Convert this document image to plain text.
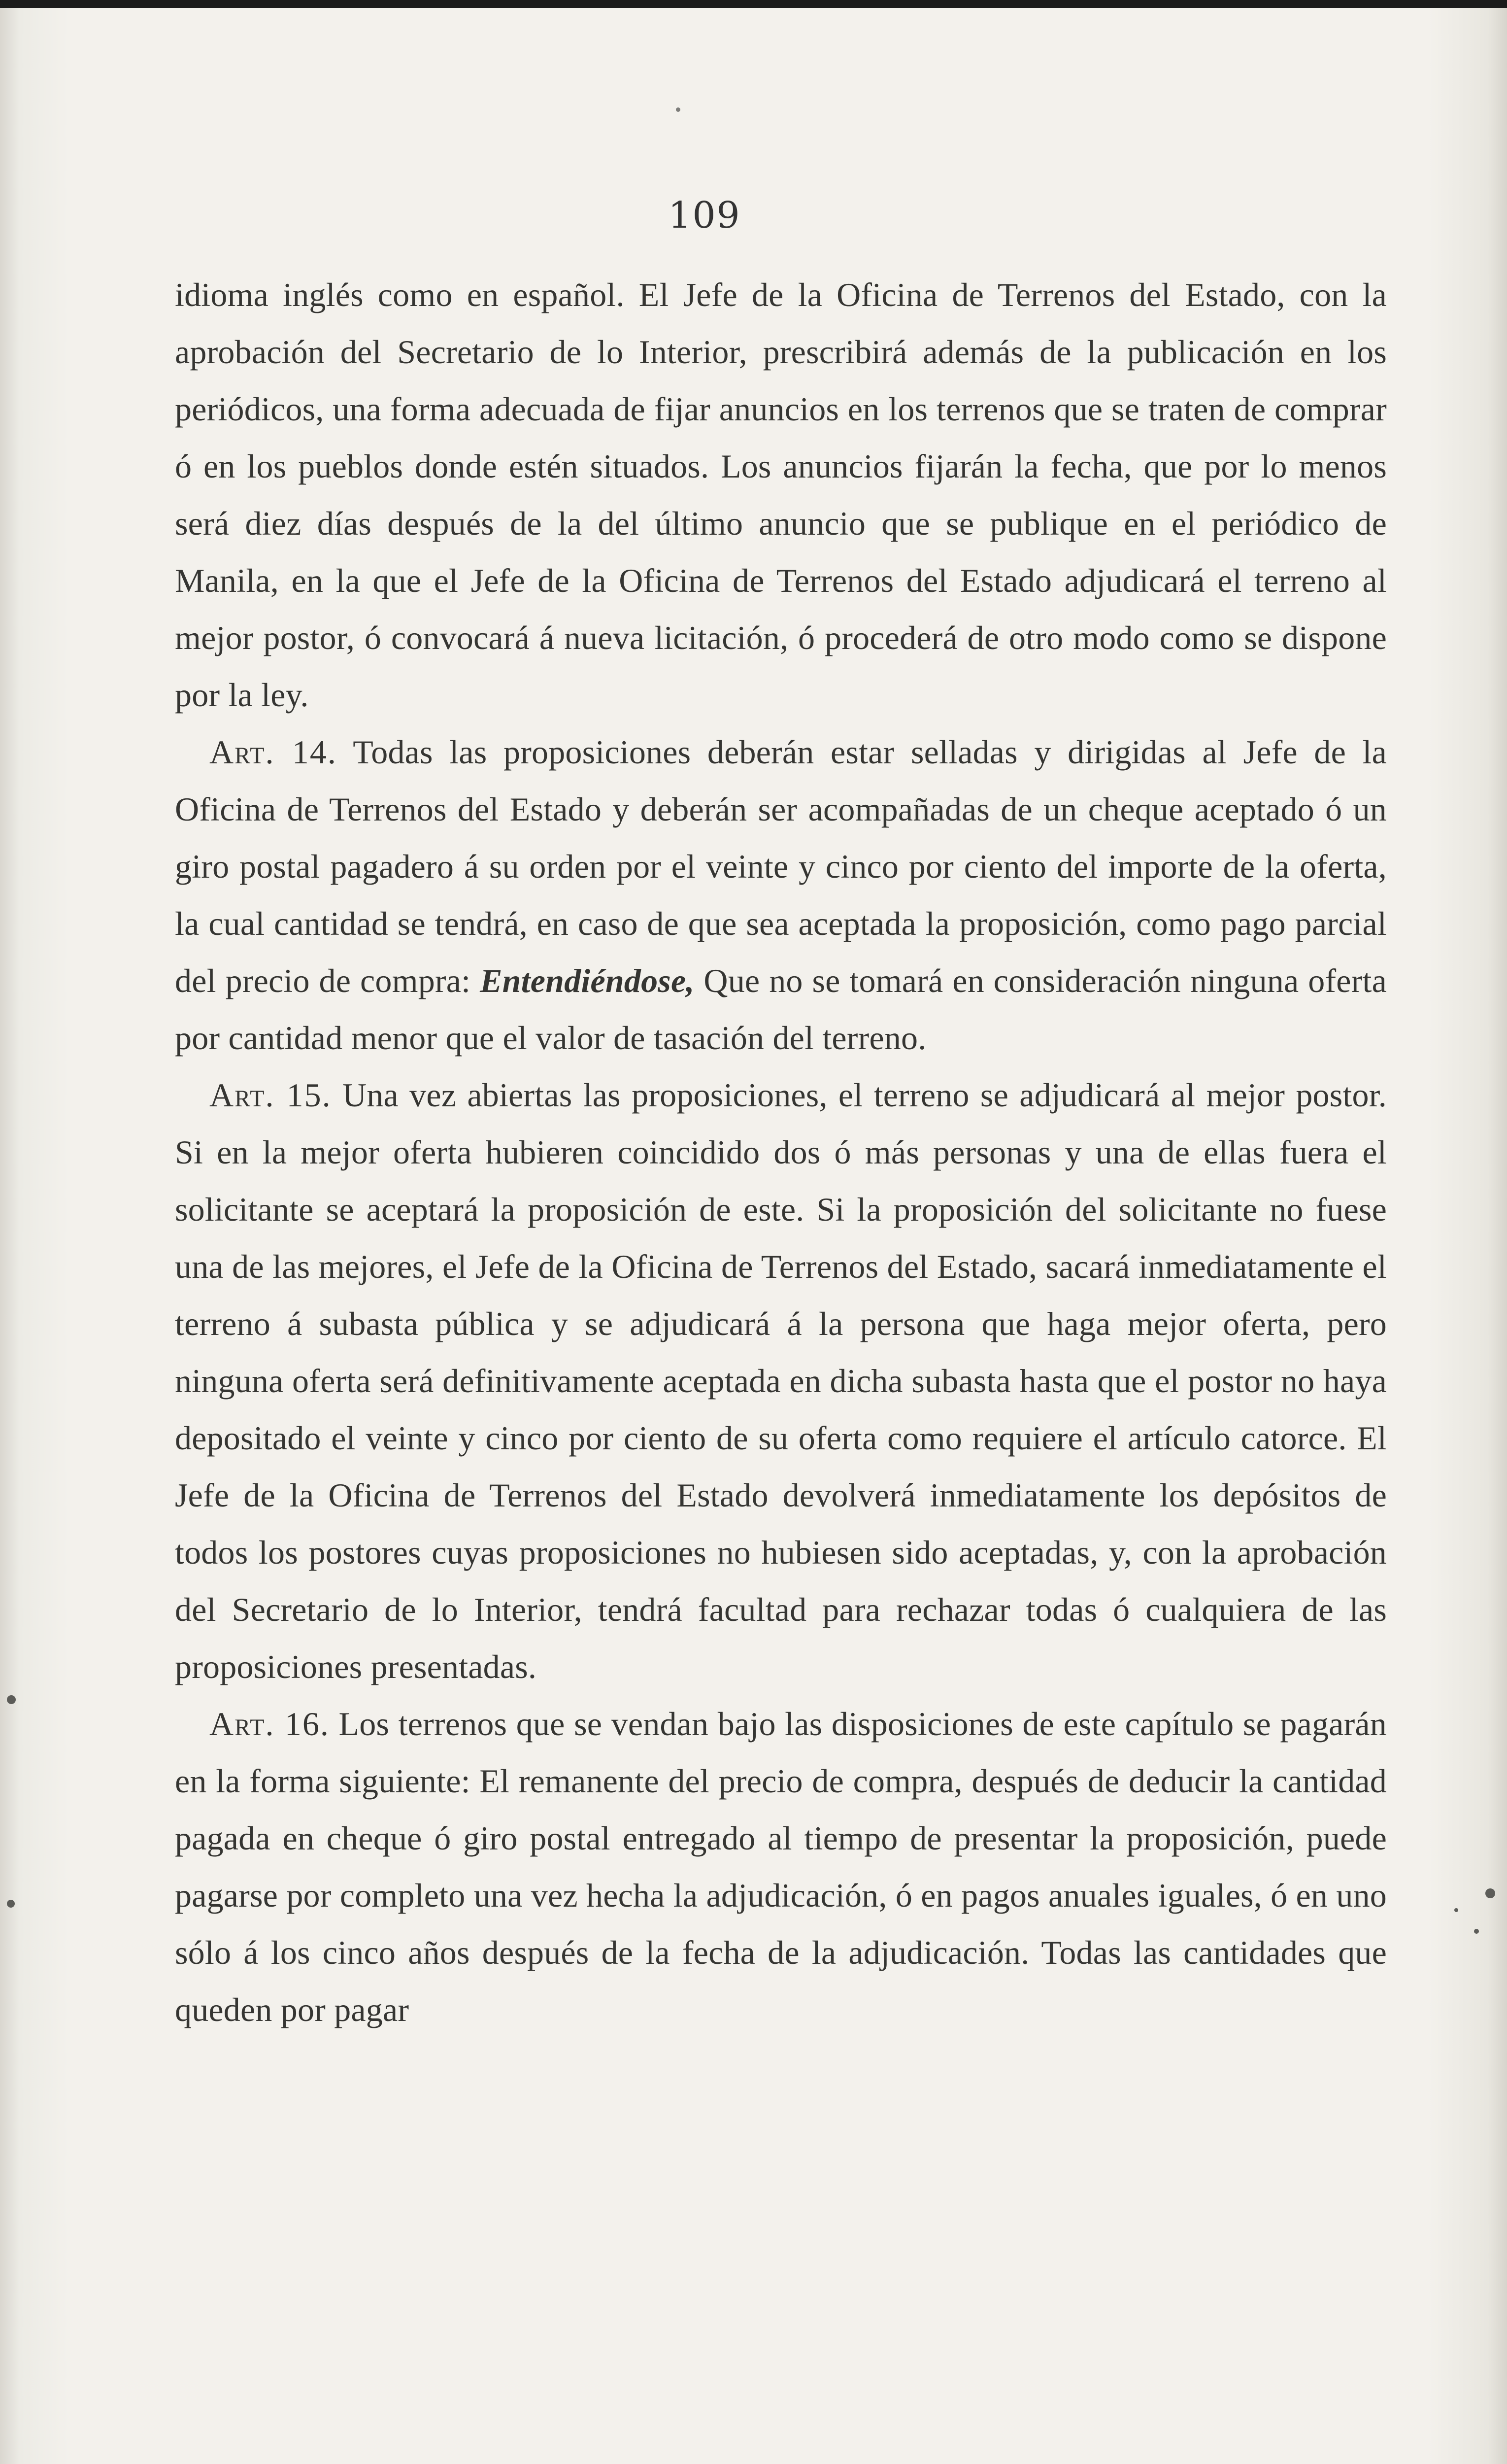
109

idioma inglés como en español. El Jefe de la Oficina de Terrenos del Estado, con la aprobación del Secretario de lo Interior, prescribirá además de la publicación en los periódicos, una forma adecuada de fijar anuncios en los terrenos que se traten de comprar ó en los pueblos donde estén situados. Los anuncios fijarán la fecha, que por lo menos será diez días después de la del último anuncio que se publique en el periódico de Manila, en la que el Jefe de la Oficina de Terrenos del Estado adjudicará el terreno al mejor postor, ó convocará á nueva licitación, ó procederá de otro modo como se dispone por la ley.

Art. 14. Todas las proposiciones deberán estar selladas y dirigidas al Jefe de la Oficina de Terrenos del Estado y deberán ser acompañadas de un cheque aceptado ó un giro postal pagadero á su orden por el veinte y cinco por ciento del importe de la oferta, la cual cantidad se tendrá, en caso de que sea aceptada la proposición, como pago parcial del precio de compra: Entendiéndose, Que no se tomará en consideración ninguna oferta por cantidad menor que el valor de tasación del terreno.

Art. 15. Una vez abiertas las proposiciones, el terreno se adjudicará al mejor postor. Si en la mejor oferta hubieren coincidido dos ó más personas y una de ellas fuera el solicitante se aceptará la proposición de este. Si la proposición del solicitante no fuese una de las mejores, el Jefe de la Oficina de Terrenos del Estado, sacará inmediatamente el terreno á subasta pública y se adjudicará á la persona que haga mejor oferta, pero ninguna oferta será definitivamente aceptada en dicha subasta hasta que el postor no haya depositado el veinte y cinco por ciento de su oferta como requiere el artículo catorce. El Jefe de la Oficina de Terrenos del Estado devolverá inmediatamente los depósitos de todos los postores cuyas proposiciones no hubiesen sido aceptadas, y, con la aprobación del Secretario de lo Interior, tendrá facultad para rechazar todas ó cualquiera de las proposiciones presentadas.

Art. 16. Los terrenos que se vendan bajo las disposiciones de este capítulo se pagarán en la forma siguiente: El remanente del precio de compra, después de deducir la cantidad pagada en cheque ó giro postal entregado al tiempo de presentar la proposición, puede pagarse por completo una vez hecha la adjudicación, ó en pagos anuales iguales, ó en uno sólo á los cinco años después de la fecha de la adjudicación. Todas las cantidades que queden por pagar
